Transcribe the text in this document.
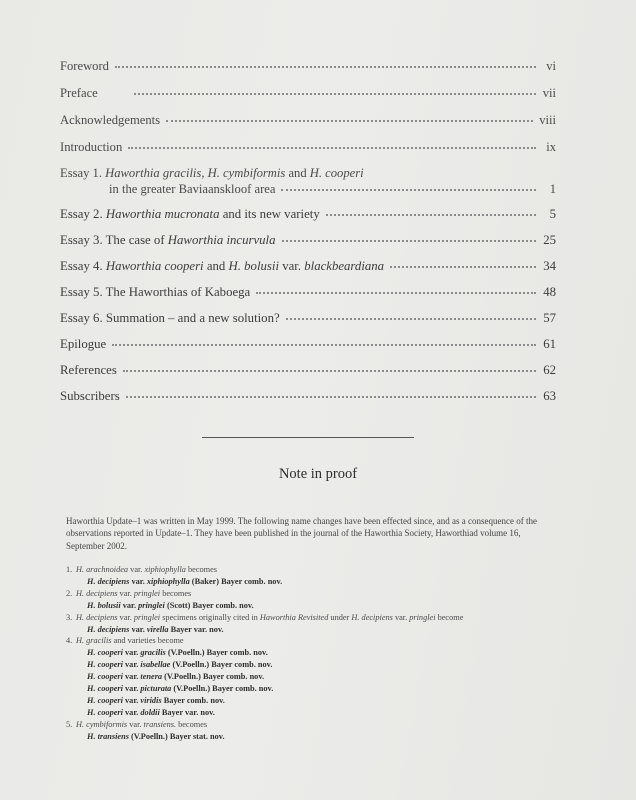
Foreword	vi
Preface	vii
Acknowledgements	viii
Introduction	ix
Essay 1. Haworthia gracilis, H. cymbiformis and H. cooperi
in the greater Baviaanskloof area	1
Essay 2. Haworthia mucronata and its new variety	5
Essay 3. The case of Haworthia incurvula	25
Essay 4. Haworthia cooperi and H. bolusii var. blackbeardiana	34
Essay 5. The Haworthias of Kaboega	48
Essay 6. Summation – and a new solution?	57
Epilogue	61
References	62
Subscribers	63
Note in proof
Haworthia Update–1 was written in May 1999. The following name changes have been effected since, and as a consequence of the observations reported in Update–1. They have been published in the journal of the Haworthia Society, Haworthiad volume 16, September 2002.
1. H. arachnoidea var. xiphiophylla becomes
H. decipiens var. xiphiophylla (Baker) Bayer comb. nov.
2. H. decipiens var. pringlei becomes
H. bolusii var. pringlei (Scott) Bayer comb. nov.
3. H. decipiens var. pringlei specimens originally cited in Haworthia Revisited under H. decipiens var. pringlei become
H. decipiens var. virella Bayer var. nov.
4. H. gracilis and varieties become
H. cooperi var. gracilis (V.Poelln.) Bayer comb. nov.
H. cooperi var. isabellae (V.Poelln.) Bayer comb. nov.
H. cooperi var. tenera (V.Poelln.) Bayer comb. nov.
H. cooperi var. picturata (V.Poelln.) Bayer comb. nov.
H. cooperi var. viridis Bayer comb. nov.
H. cooperi var. doldii Bayer var. nov.
5. H. cymbiformis var. transiens. becomes
H. transiens (V.Poelln.) Bayer stat. nov.
